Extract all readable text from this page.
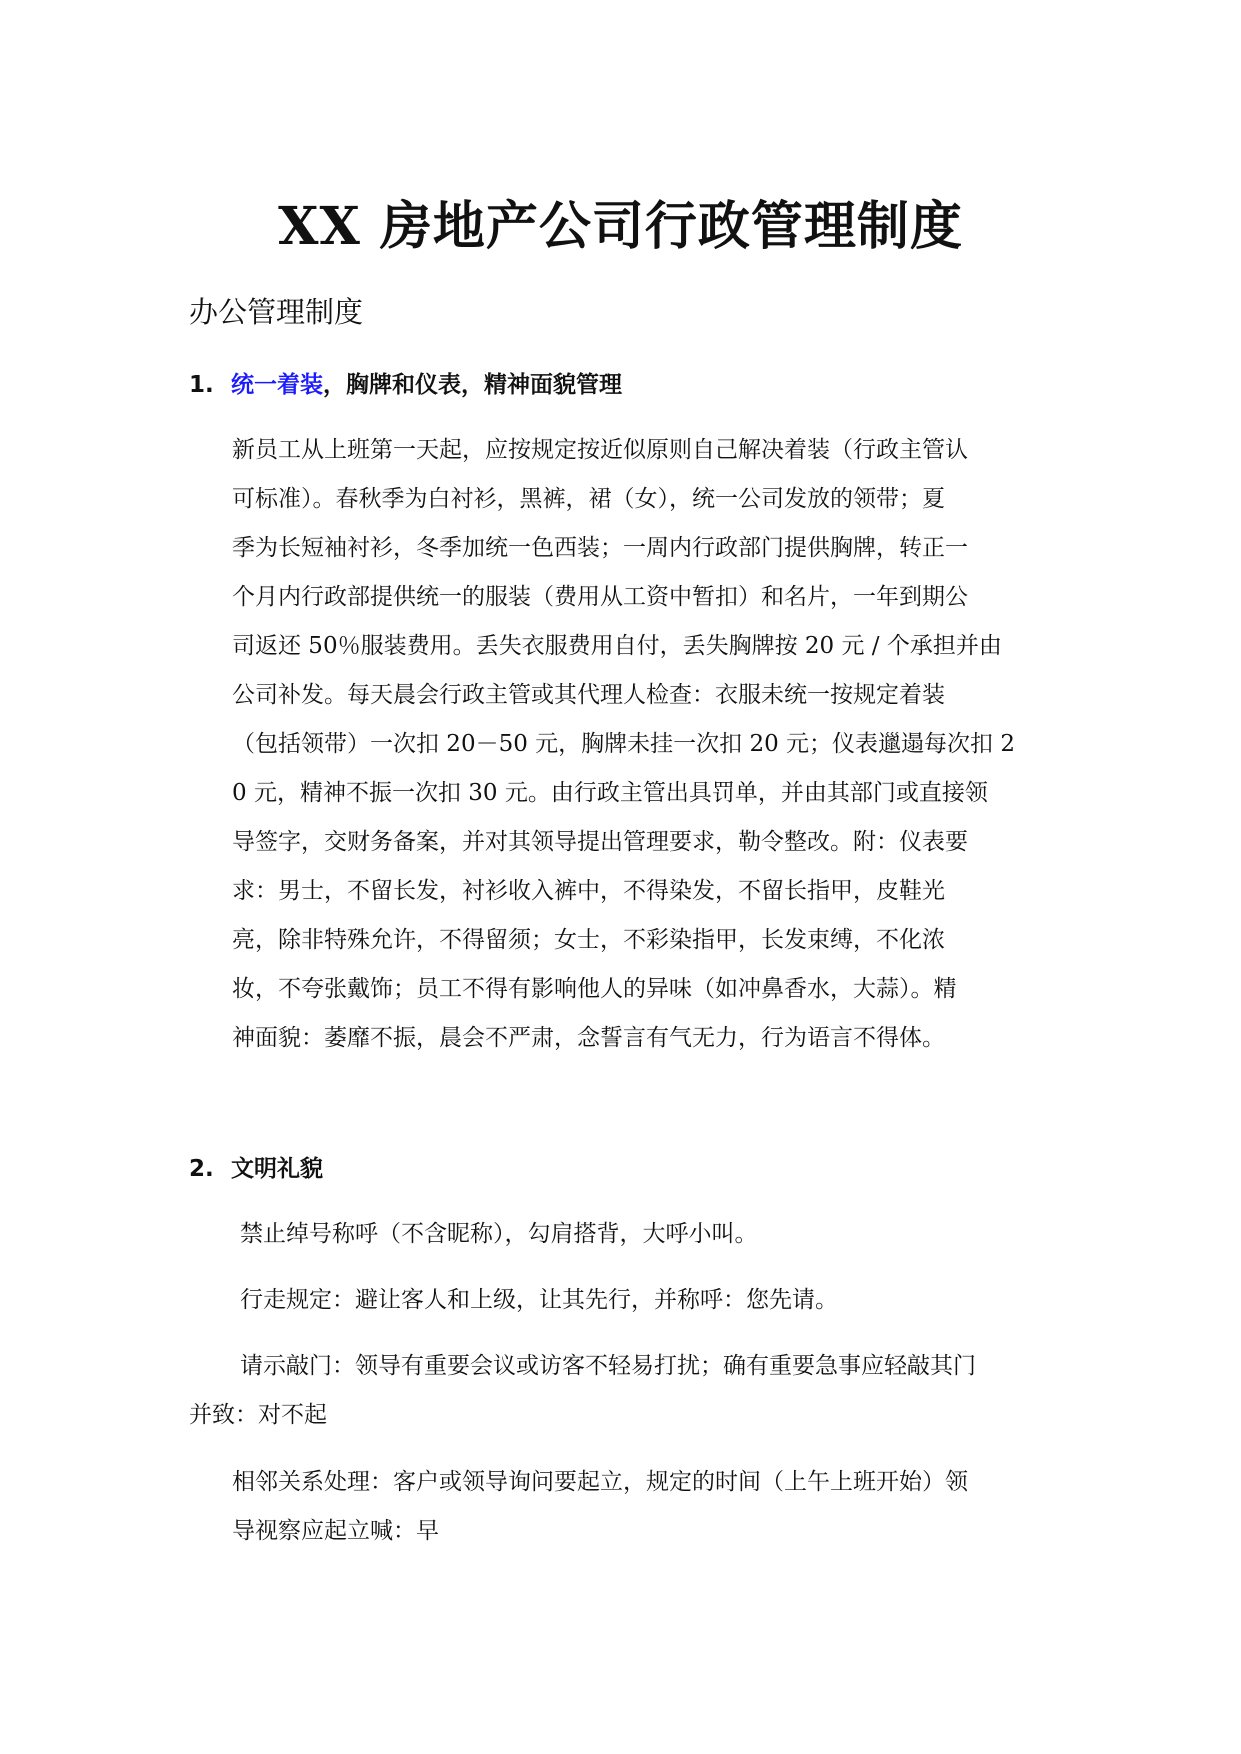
XX 房地产公司行政管理制度
办公管理制度
1. 统一着装，胸牌和仪表，精神面貌管理
新员工从上班第一天起，应按规定按近似原则自己解决着装（行政主管认
可标准）。春秋季为白衬衫，黑裤，裙（女），统一公司发放的领带；夏
季为长短袖衬衫，冬季加统一色西装；一周内行政部门提供胸牌，转正一
个月内行政部提供统一的服装（费用从工资中暂扣）和名片，一年到期公
司返还 50％服装费用。丢失衣服费用自付，丢失胸牌按 20 元 / 个承担并由
公司补发。每天晨会行政主管或其代理人检查：衣服未统一按规定着装
（包括领带）一次扣 20－50 元，胸牌未挂一次扣 20 元；仪表邋遢每次扣 2
0 元，精神不振一次扣 30 元。由行政主管出具罚单，并由其部门或直接领
导签字，交财务备案，并对其领导提出管理要求，勒令整改。附：仪表要
求：男士，不留长发，衬衫收入裤中，不得染发，不留长指甲，皮鞋光
亮，除非特殊允许，不得留须；女士，不彩染指甲，长发束缚，不化浓
妆，不夸张戴饰；员工不得有影响他人的异味（如冲鼻香水，大蒜）。精
神面貌：萎靡不振，晨会不严肃，念誓言有气无力，行为语言不得体。
2. 文明礼貌
禁止绰号称呼（不含昵称），勾肩搭背，大呼小叫。
行走规定：避让客人和上级，让其先行，并称呼：您先请。
请示敲门：领导有重要会议或访客不轻易打扰；确有重要急事应轻敲其门
并致：对不起
相邻关系处理：客户或领导询问要起立，规定的时间（上午上班开始）领
导视察应起立喊：早
